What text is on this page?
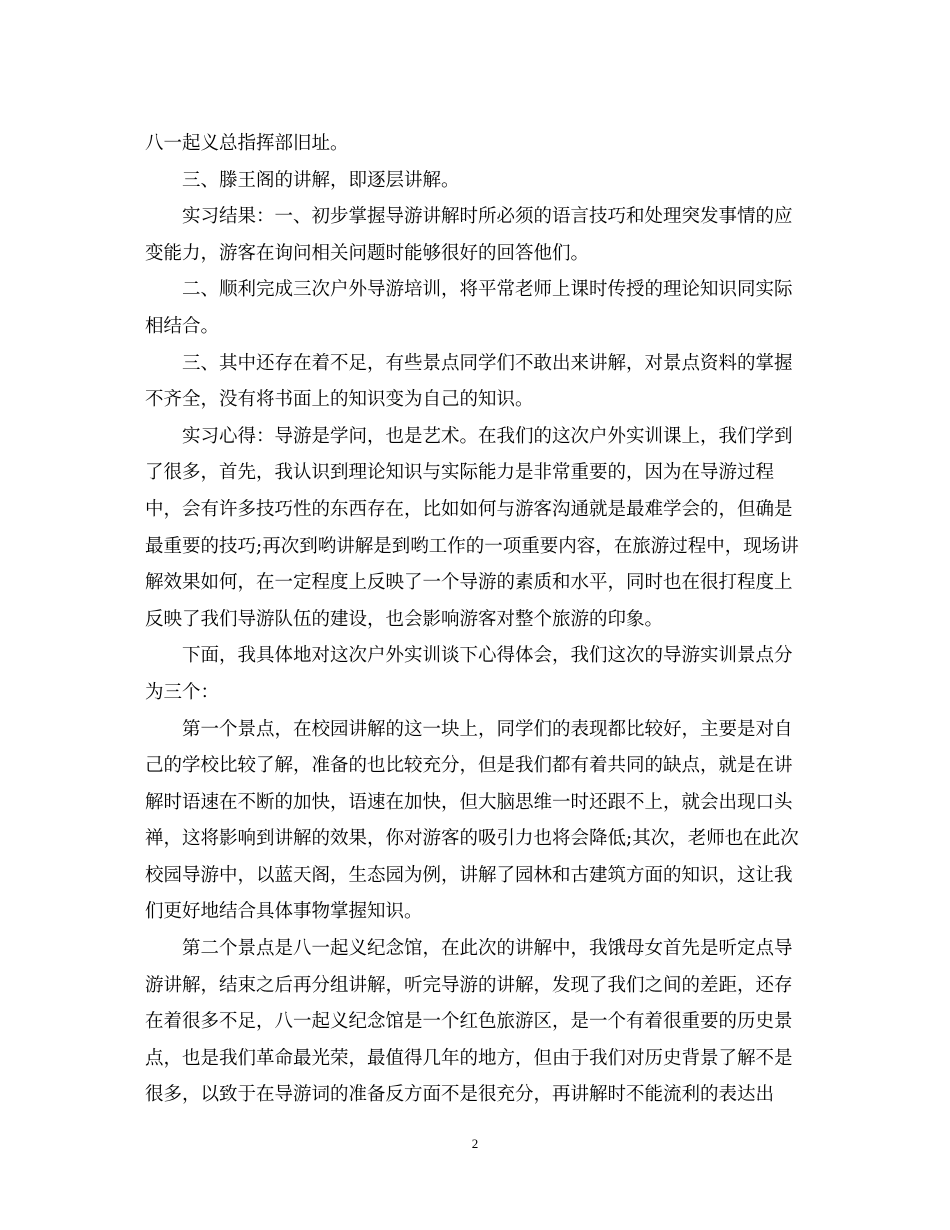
八一起义总指挥部旧址。
三、滕王阁的讲解，即逐层讲解。
实习结果：一、初步掌握导游讲解时所必须的语言技巧和处理突发事情的应
变能力，游客在询问相关问题时能够很好的回答他们。
二、顺利完成三次户外导游培训，将平常老师上课时传授的理论知识同实际
相结合。
三、其中还存在着不足，有些景点同学们不敢出来讲解，对景点资料的掌握
不齐全，没有将书面上的知识变为自己的知识。
实习心得：导游是学问，也是艺术。在我们的这次户外实训课上，我们学到
了很多，首先，我认识到理论知识与实际能力是非常重要的，因为在导游过程
中，会有许多技巧性的东西存在，比如如何与游客沟通就是最难学会的，但确是
最重要的技巧;再次到哟讲解是到哟工作的一项重要内容，在旅游过程中，现场讲
解效果如何，在一定程度上反映了一个导游的素质和水平，同时也在很打程度上
反映了我们导游队伍的建设，也会影响游客对整个旅游的印象。
下面，我具体地对这次户外实训谈下心得体会，我们这次的导游实训景点分
为三个：
第一个景点，在校园讲解的这一块上，同学们的表现都比较好，主要是对自
己的学校比较了解，准备的也比较充分，但是我们都有着共同的缺点，就是在讲
解时语速在不断的加快，语速在加快，但大脑思维一时还跟不上，就会出现口头
禅，这将影响到讲解的效果，你对游客的吸引力也将会降低;其次，老师也在此次
校园导游中，以蓝天阁，生态园为例，讲解了园林和古建筑方面的知识，这让我
们更好地结合具体事物掌握知识。
第二个景点是八一起义纪念馆，在此次的讲解中，我饿母女首先是听定点导
游讲解，结束之后再分组讲解，听完导游的讲解，发现了我们之间的差距，还存
在着很多不足，八一起义纪念馆是一个红色旅游区，是一个有着很重要的历史景
点，也是我们革命最光荣，最值得几年的地方，但由于我们对历史背景了解不是
很多，以致于在导游词的准备反方面不是很充分，再讲解时不能流利的表达出
2
